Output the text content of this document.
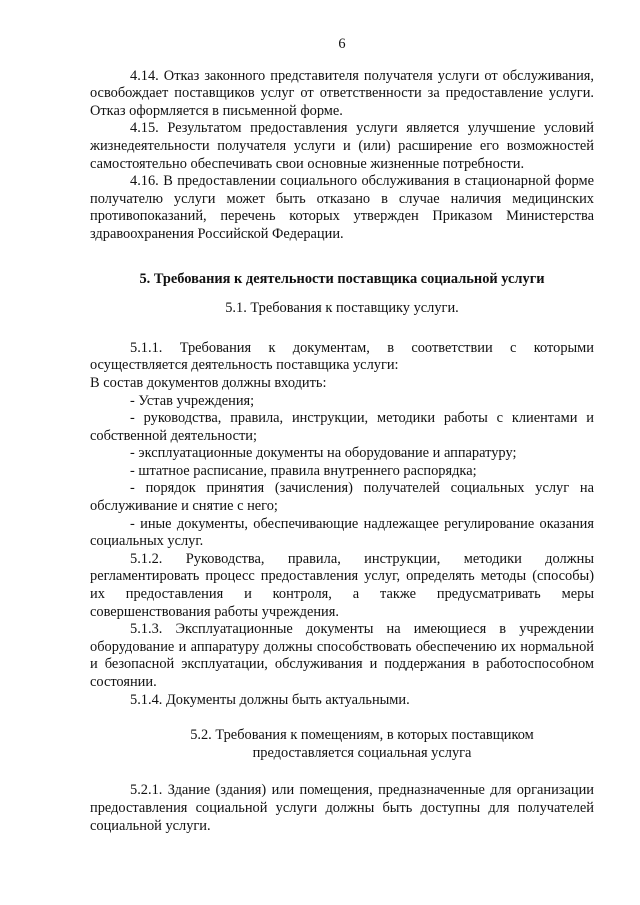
6

4.14. Отказ законного представителя получателя услуги от обслуживания, освобождает поставщиков услуг от ответственности за предоставление услуги. Отказ оформляется в письменной форме.

4.15. Результатом предоставления услуги является улучшение условий жизнедеятельности получателя услуги и (или) расширение его возможностей самостоятельно обеспечивать свои основные жизненные потребности.

4.16. В предоставлении социального обслуживания в стационарной форме получателю услуги может быть отказано в случае наличия медицинских противопоказаний, перечень которых утвержден Приказом Министерства здравоохранения Российской Федерации.

5. Требования к деятельности поставщика социальной услуги
5.1. Требования к поставщику услуги.

5.1.1. Требования к документам, в соответствии с которыми осуществляется деятельность поставщика услуги:

В состав документов должны входить:

- Устав учреждения;

- руководства, правила, инструкции, методики работы с клиентами и собственной деятельности;

- эксплуатационные документы на оборудование и аппаратуру;

- штатное расписание, правила внутреннего распорядка;

- порядок принятия (зачисления) получателей социальных услуг на обслуживание и снятие с него;

- иные документы, обеспечивающие надлежащее регулирование оказания социальных услуг.

5.1.2. Руководства, правила, инструкции, методики должны регламентировать процесс предоставления услуг, определять методы (способы) их предоставления и контроля, а также предусматривать меры совершенствования работы учреждения.

5.1.3. Эксплуатационные документы на имеющиеся в учреждении оборудование и аппаратуру должны способствовать обеспечению их нормальной и безопасной эксплуатации, обслуживания и поддержания в работоспособном состоянии.

5.1.4. Документы должны быть актуальными.

5.2. Требования к помещениям, в которых поставщиком
предоставляется социальная услуга

5.2.1. Здание (здания) или помещения, предназначенные для организации предоставления социальной услуги должны быть доступны для получателей социальной услуги.
